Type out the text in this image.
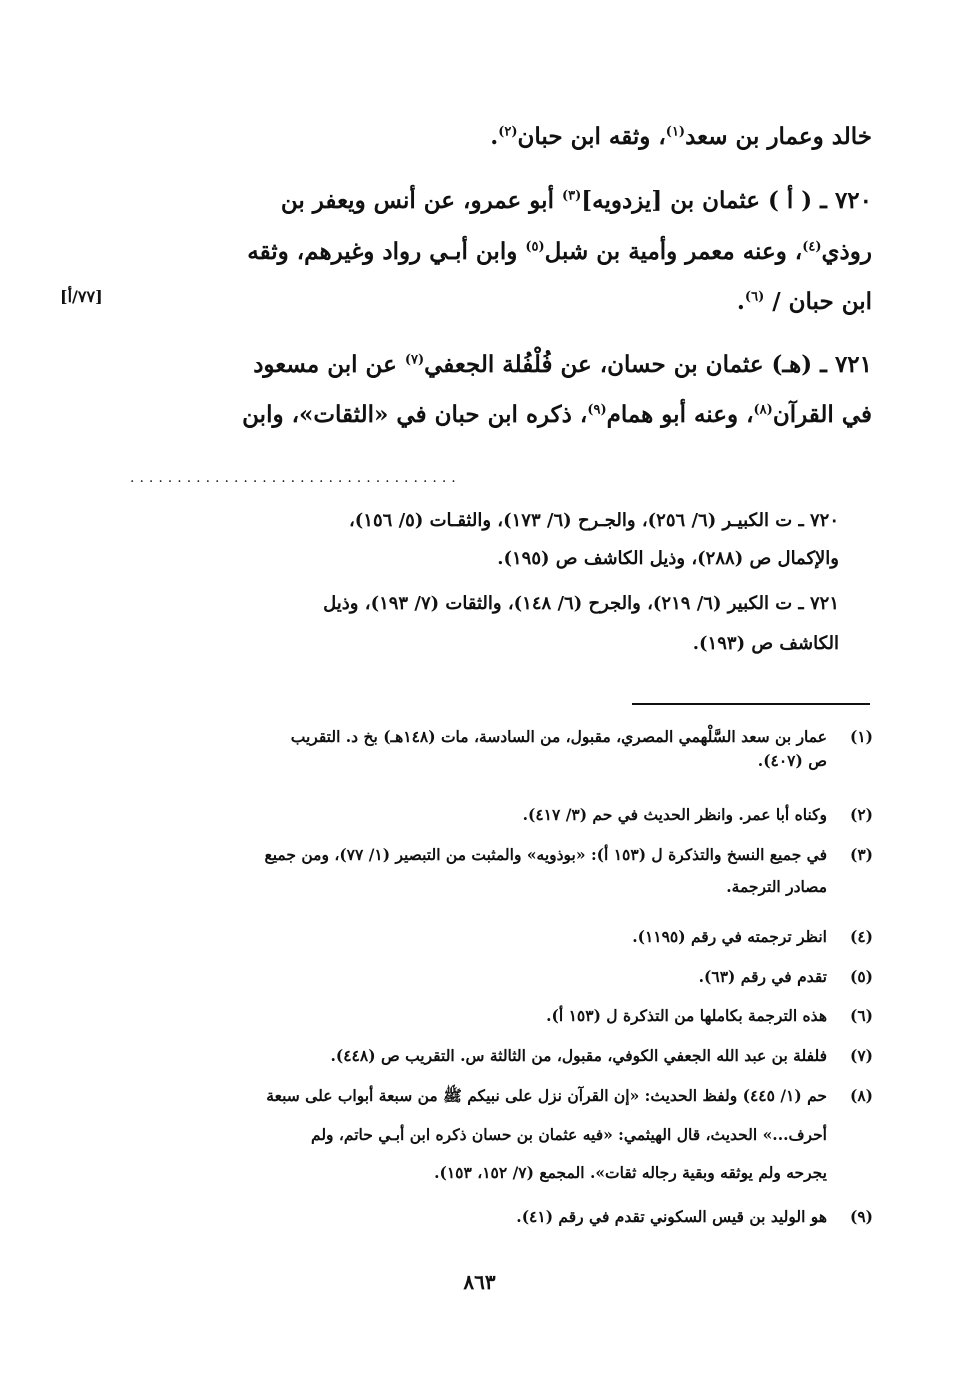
خالد وعمار بن سعد$^{(١)}$، وثقه ابن حبان$^{(٢)}$.
٧٢٠ ـ ( أ ) عثمان بن [يزدويه]$^{(٣)}$ أبو عمرو، عن أنس ويعفر بن
روذي$^{(٤)}$، وعنه معمر وأمية بن شبل$^{(٥)}$ وابن أبـي رواد وغيرهم، وثقه
ابن حبان / $^{(٦)}$.
[٧٧/أ]
٧٢١ ـ (هـ) عثمان بن حسان، عن فُلْفُلة الجعفي$^{(٧)}$ عن ابن مسعود
في القرآن$^{(٨)}$، وعنه أبو همام$^{(٩)}$، ذكره ابن حبان في «الثقات»، وابن
...................................
٧٢٠ ـ ت الكبيـر (٦/ ٢٥٦)، والجـرح (٦/ ١٧٣)، والثقـات (٥/ ١٥٦)،
والإكمال ص (٢٨٨)، وذيل الكاشف ص (١٩٥).
٧٢١ ـ ت الكبير (٦/ ٢١٩)، والجرح (٦/ ١٤٨)، والثقات (٧/ ١٩٣)، وذيل
الكاشف ص (١٩٣).
(١)عمار بن سعد السَّلْهمي المصري، مقبول، من السادسة، مات (١٤٨هـ) بخ د. التقريب
ص (٤٠٧).
(٢)وكناه أبا عمر. وانظر الحديث في حم (٣/ ٤١٧).
(٣)في جميع النسخ والتذكرة ل (١٥٣ أ): «بوذويه» والمثبت من التبصير (١/ ٧٧)، ومن جميع
مصادر الترجمة.
(٤)انظر ترجمته في رقم (١١٩٥).
(٥)تقدم في رقم (٦٣).
(٦)هذه الترجمة بكاملها من التذكرة ل (١٥٣ أ).
(٧)فلفلة بن عبد الله الجعفي الكوفي، مقبول، من الثالثة س. التقريب ص (٤٤٨).
(٨)حم (١/ ٤٤٥) ولفظ الحديث: «إن القرآن نزل على نبيكم ﷺ من سبعة أبواب على سبعة
أحرف...» الحديث، قال الهيثمي: «فيه عثمان بن حسان ذكره ابن أبـي حاتم، ولم
يجرحه ولم يوثقه وبقية رجاله ثقات». المجمع (٧/ ١٥٢، ١٥٣).
(٩)هو الوليد بن قيس السكوني تقدم في رقم (٤١).
٨٦٣
